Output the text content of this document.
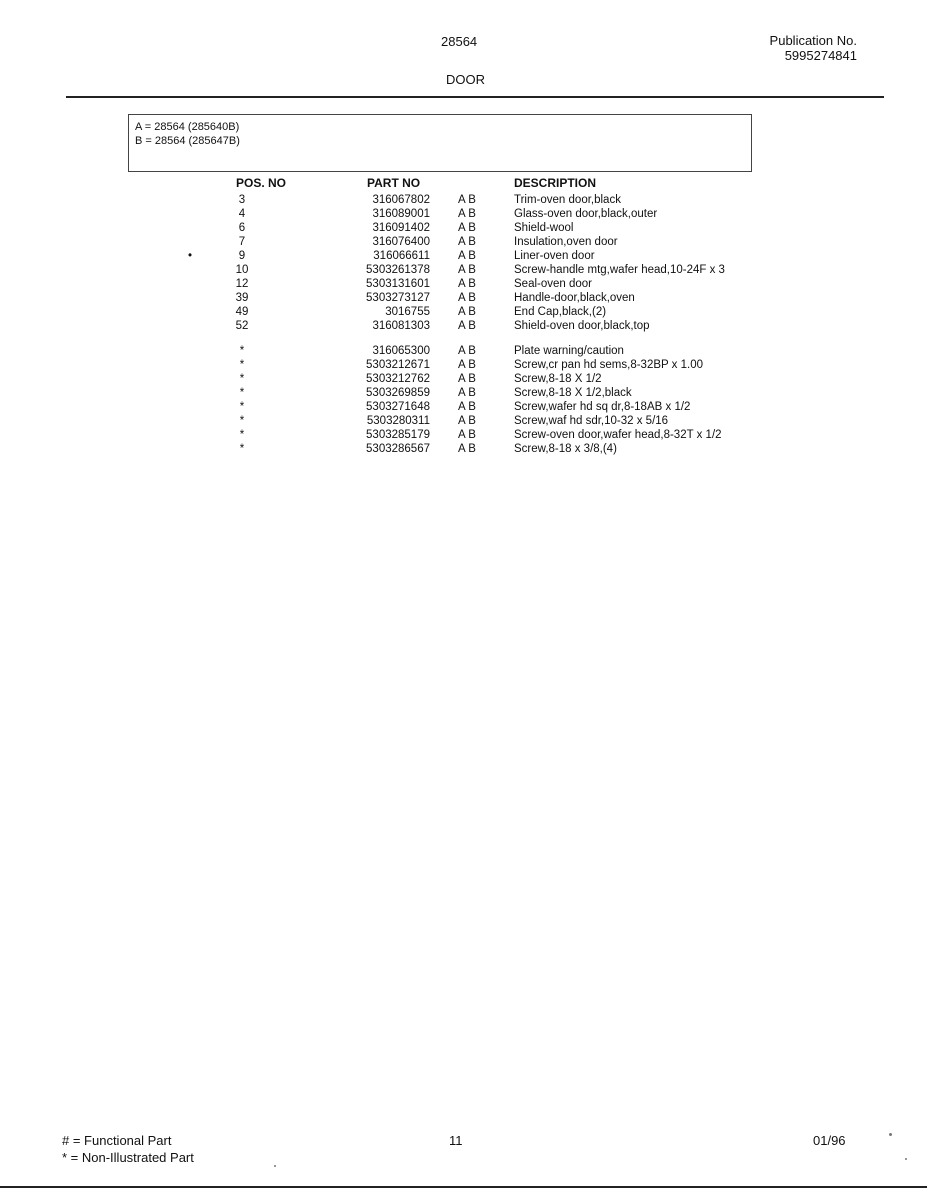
28564	Publication No.
5995274841
DOOR
A = 28564 (285640B)
B = 28564 (285647B)
POS. NO	PART NO	DESCRIPTION
3	316067802 A B	Trim-oven door,black
4	316089001 A B	Glass-oven door,black,outer
6	316091402 A B	Shield-wool
7	316076400 A B	Insulation,oven door
•	9	316066611 A B	Liner-oven door
10	5303261378 A B	Screw-handle mtg,wafer head,10-24F x 3
12	5303131601 A B	Seal-oven door
39	5303273127 A B	Handle-door,black,oven
49	3016755 A B	End Cap,black,(2)
52	316081303 A B	Shield-oven door,black,top
*	316065300 A B	Plate warning/caution
*	5303212671 A B	Screw,cr pan hd sems,8-32BP x 1.00
*	5303212762 A B	Screw,8-18 X 1/2
*	5303269859 A B	Screw,8-18 X 1/2,black
*	5303271648 A B	Screw,wafer hd sq dr,8-18AB x 1/2
*	5303280311 A B	Screw,waf hd sdr,10-32 x 5/16
*	5303285179 A B	Screw-oven door,wafer head,8-32T x 1/2
*	5303286567 A B	Screw,8-18 x 3/8,(4)
# = Functional Part
* = Non-Illustrated Part
11	01/96
